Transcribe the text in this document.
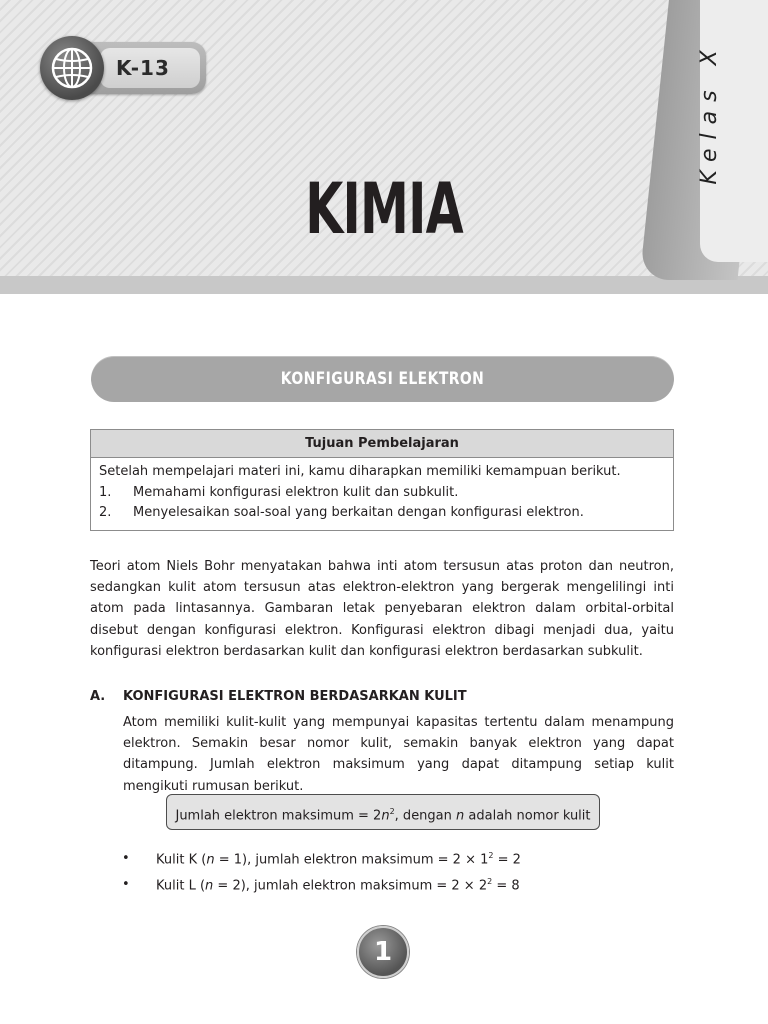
Kelas X
K-13
KIMIA
KONFIGURASI ELEKTRON
Tujuan Pembelajaran
Setelah mempelajari materi ini, kamu diharapkan memiliki kemampuan berikut.
1.	Memahami konfigurasi elektron kulit dan subkulit.
2.	Menyelesaikan soal-soal yang berkaitan dengan konfigurasi elektron.
Teori atom Niels Bohr menyatakan bahwa inti atom tersusun atas proton dan neutron, sedangkan kulit atom tersusun atas elektron-elektron yang bergerak mengelilingi inti atom pada lintasannya. Gambaran letak penyebaran elektron dalam orbital-orbital disebut dengan konfigurasi elektron. Konfigurasi elektron dibagi menjadi dua, yaitu konfigurasi elektron berdasarkan kulit dan konfigurasi elektron berdasarkan subkulit.
A. KONFIGURASI ELEKTRON BERDASARKAN KULIT
Atom memiliki kulit-kulit yang mempunyai kapasitas tertentu dalam menampung elektron. Semakin besar nomor kulit, semakin banyak elektron yang dapat ditampung. Jumlah elektron maksimum yang dapat ditampung setiap kulit mengikuti rumusan berikut.
Jumlah elektron maksimum = $2n^2$, dengan n adalah nomor kulit
• Kulit K (n = 1), jumlah elektron maksimum = $2 \times 1^2 = 2$
• Kulit L (n = 2), jumlah elektron maksimum = $2 \times 2^2 = 8$
1
